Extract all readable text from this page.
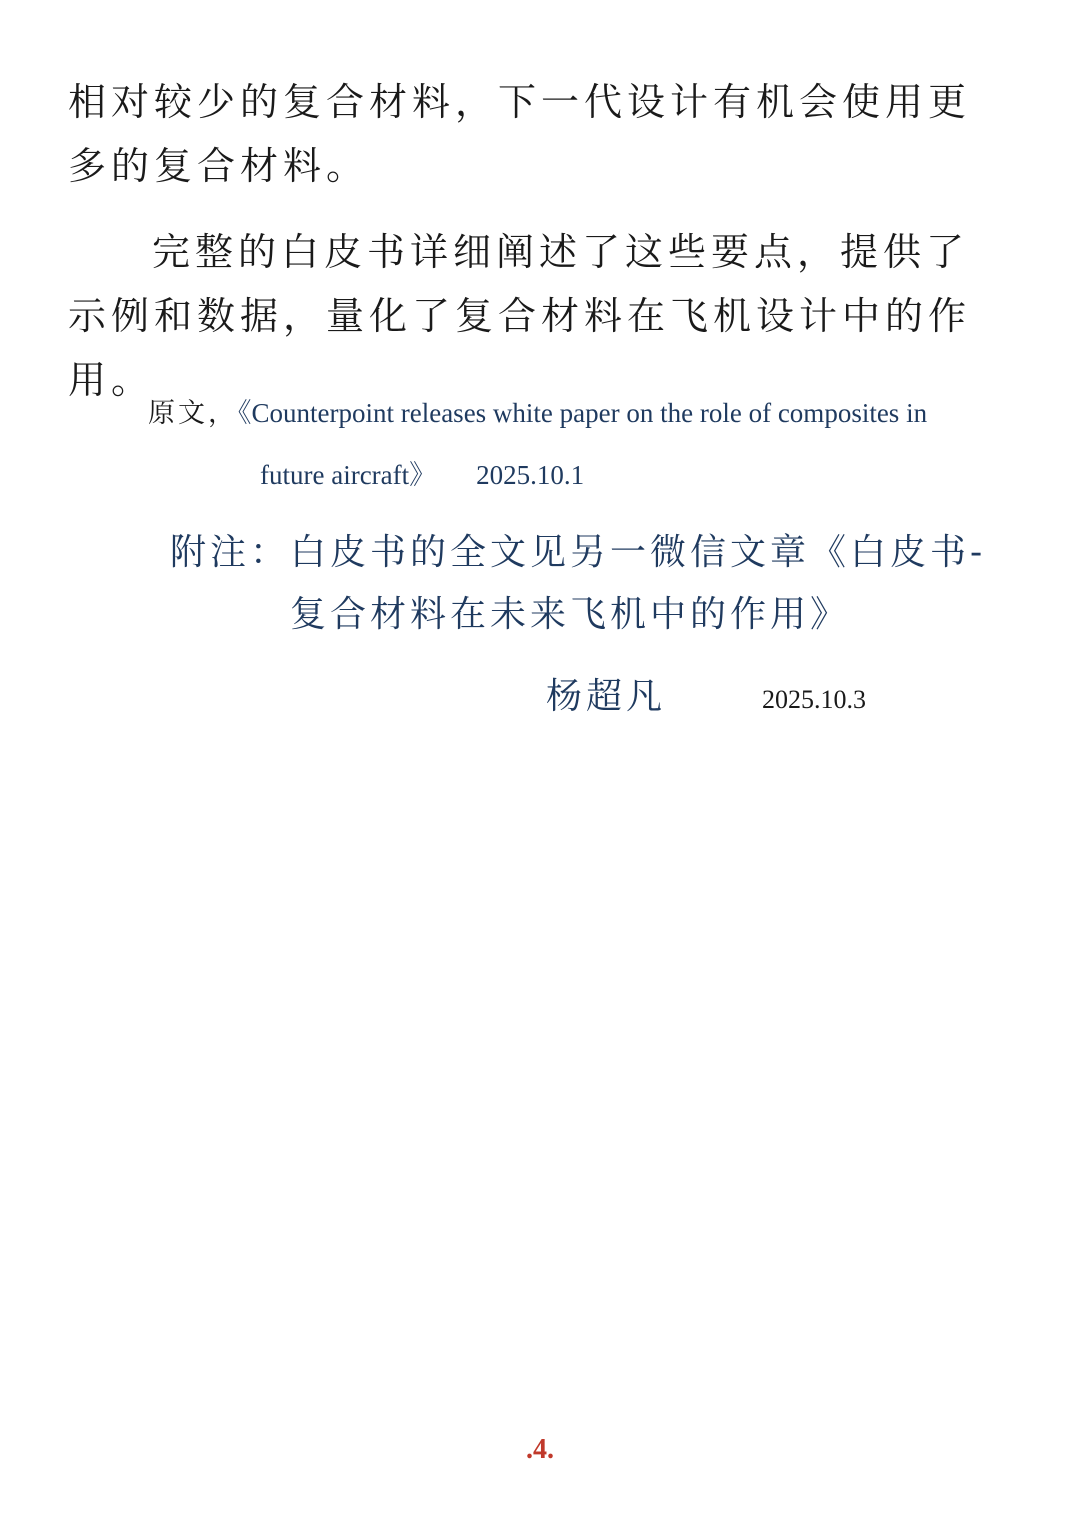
相对较少的复合材料，下一代设计有机会使用更多的复合材料。

完整的白皮书详细阐述了这些要点，提供了示例和数据，量化了复合材料在飞机设计中的作用。

原文，《Counterpoint releases white paper on the role of composites in
future aircraft》 2025.10.1
附注：白皮书的全文见另一微信文章《白皮书-
复合材料在未来飞机中的作用》
杨超凡	2025.10.3
.4.
